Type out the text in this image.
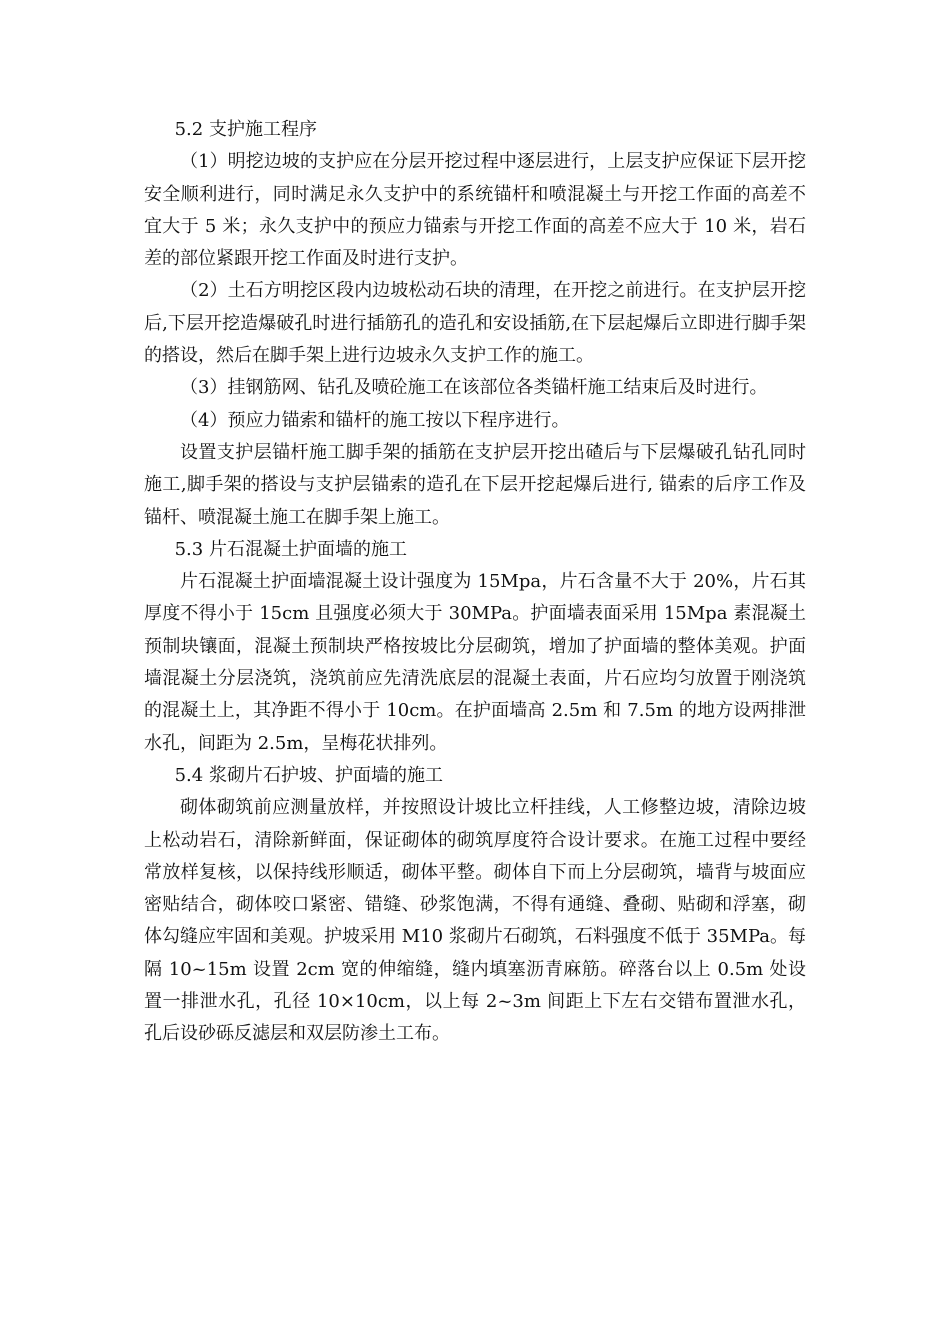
5.2 支护施工程序

（1）明挖边坡的支护应在分层开挖过程中逐层进行，上层支护应保证下层开挖安全顺利进行，同时满足永久支护中的系统锚杆和喷混凝土与开挖工作面的高差不宜大于 5 米；永久支护中的预应力锚索与开挖工作面的高差不应大于 10 米，岩石差的部位紧跟开挖工作面及时进行支护。

（2）土石方明挖区段内边坡松动石块的清理，在开挖之前进行。在支护层开挖后,下层开挖造爆破孔时进行插筋孔的造孔和安设插筋,在下层起爆后立即进行脚手架的搭设，然后在脚手架上进行边坡永久支护工作的施工。

（3）挂钢筋网、钻孔及喷砼施工在该部位各类锚杆施工结束后及时进行。

（4）预应力锚索和锚杆的施工按以下程序进行。

设置支护层锚杆施工脚手架的插筋在支护层开挖出碴后与下层爆破孔钻孔同时施工,脚手架的搭设与支护层锚索的造孔在下层开挖起爆后进行, 锚索的后序工作及锚杆、喷混凝土施工在脚手架上施工。

5.3 片石混凝土护面墙的施工

片石混凝土护面墙混凝土设计强度为 15Mpa，片石含量不大于 20%，片石其厚度不得小于 15cm 且强度必须大于 30MPa。护面墙表面采用 15Mpa 素混凝土预制块镶面，混凝土预制块严格按坡比分层砌筑，增加了护面墙的整体美观。护面墙混凝土分层浇筑，浇筑前应先清洗底层的混凝土表面，片石应均匀放置于刚浇筑的混凝土上，其净距不得小于 10cm。在护面墙高 2.5m 和 7.5m 的地方设两排泄水孔，间距为 2.5m，呈梅花状排列。

5.4 浆砌片石护坡、护面墙的施工

砌体砌筑前应测量放样，并按照设计坡比立杆挂线，人工修整边坡，清除边坡上松动岩石，清除新鲜面，保证砌体的砌筑厚度符合设计要求。在施工过程中要经常放样复核，以保持线形顺适，砌体平整。砌体自下而上分层砌筑，墙背与坡面应密贴结合，砌体咬口紧密、错缝、砂浆饱满，不得有通缝、叠砌、贴砌和浮塞，砌体勾缝应牢固和美观。护坡采用 M10 浆砌片石砌筑，石料强度不低于 35MPa。每隔 10~15m 设置 2cm 宽的伸缩缝，缝内填塞沥青麻筋。碎落台以上 0.5m 处设置一排泄水孔，孔径 10×10cm，以上每 2~3m 间距上下左右交错布置泄水孔，孔后设砂砾反滤层和双层防渗土工布。
